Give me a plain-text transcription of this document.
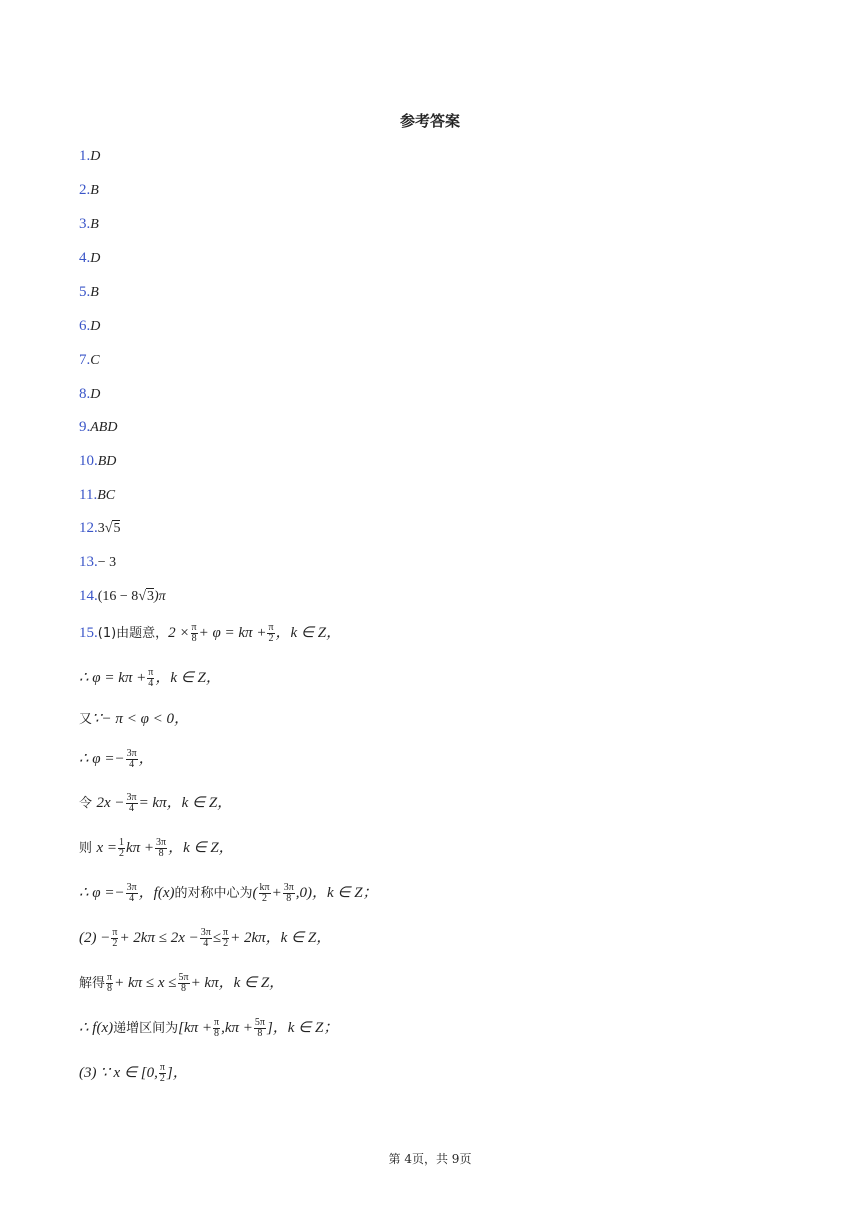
参考答案
1.D
2.B
3.B
4.D
5.B
6.D
7.C
8.D
9.ABD
10.BD
11.BC
12.3√5
13.− 3
14.(16 − 8√3)π
15.(1)由题意，$2 \times \frac{\pi}{8} + \varphi = k\pi + \frac{\pi}{2}$ ，k ∈ Z，
∴ $\varphi = k\pi + \frac{\pi}{4}$ ，k ∈ Z，
又∵− π < φ < 0，
∴ $\varphi =- \frac{3\pi}{4}$ ，
令 $2x - \frac{3\pi}{4} = k\pi$，k ∈ Z，
则 $x = \frac{1}{2}$ $k\pi + \frac{3\pi}{8}$ ，k ∈ Z，
∴ $\varphi =- \frac{3\pi}{4}$ ，f(x)的对称中心为( $\frac{k\pi}{2} + \frac{3\pi}{8} ,0$)，k ∈ Z；
$(2) - \frac{\pi}{2} + 2k\pi \le 2x - \frac{3\pi}{4} \le \frac{\pi}{2} + 2k\pi$，k ∈ Z，
解得 $\frac{\pi}{8} + k\pi \le x \le \frac{5\pi}{8} + k\pi$，k ∈ Z，
∴ f(x)递增区间为[$k\pi + \frac{\pi}{8} ,k\pi + \frac{5\pi}{8}$ ]，k ∈ Z；
(3) ∵ x ∈ [0, $\frac{\pi}{2}$ ]，
第 4页，共 9页
